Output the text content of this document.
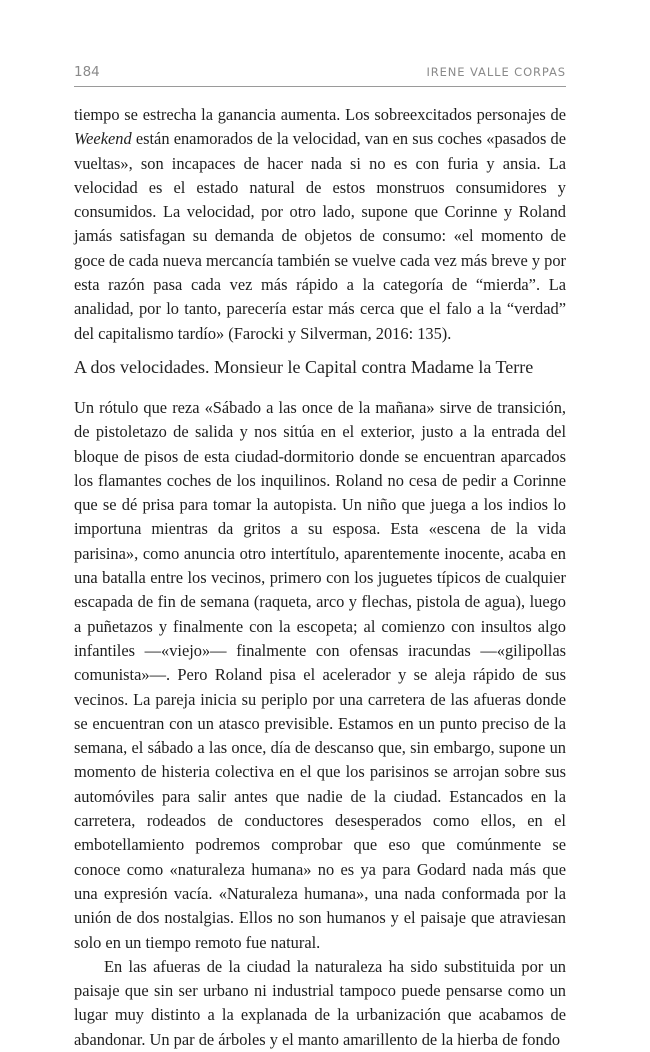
184	IRENE VALLE CORPAS

tiempo se estrecha la ganancia aumenta. Los sobreexcitados personajes de Weekend están enamorados de la velocidad, van en sus coches «pasados de vueltas», son incapaces de hacer nada si no es con furia y ansia. La velocidad es el estado natural de estos monstruos consumidores y consumidos. La velocidad, por otro lado, supone que Corinne y Roland jamás satisfagan su demanda de objetos de consumo: «el momento de goce de cada nueva mercancía también se vuelve cada vez más breve y por esta razón pasa cada vez más rápido a la categoría de “mierda”. La analidad, por lo tanto, parecería estar más cerca que el falo a la “verdad” del capitalismo tardío» (Farocki y Silverman, 2016: 135).

A dos velocidades. Monsieur le Capital contra Madame la Terre

Un rótulo que reza «Sábado a las once de la mañana» sirve de transición, de pistoletazo de salida y nos sitúa en el exterior, justo a la entrada del bloque de pisos de esta ciudad-dormitorio donde se encuentran aparcados los flamantes coches de los inquilinos. Roland no cesa de pedir a Corinne que se dé prisa para tomar la autopista. Un niño que juega a los indios lo importuna mientras da gritos a su esposa. Esta «escena de la vida parisina», como anuncia otro intertítulo, aparentemente inocente, acaba en una batalla entre los vecinos, primero con los juguetes típicos de cualquier escapada de fin de semana (raqueta, arco y flechas, pistola de agua), luego a puñetazos y finalmente con la escopeta; al comienzo con insultos algo infantiles —«viejo»— finalmente con ofensas iracundas —«gilipollas comunista»—. Pero Roland pisa el acelerador y se aleja rápido de sus vecinos. La pareja inicia su periplo por una carretera de las afueras donde se encuentran con un atasco previsible. Estamos en un punto preciso de la semana, el sábado a las once, día de descanso que, sin embargo, supone un momento de histeria colectiva en el que los parisinos se arrojan sobre sus automóviles para salir antes que nadie de la ciudad. Estancados en la carretera, rodeados de conductores desesperados como ellos, en el embotellamiento podremos comprobar que eso que comúnmente se conoce como «naturaleza humana» no es ya para Godard nada más que una expresión vacía. «Naturaleza humana», una nada conformada por la unión de dos nostalgias. Ellos no son humanos y el paisaje que atraviesan solo en un tiempo remoto fue natural.

En las afueras de la ciudad la naturaleza ha sido substituida por un paisaje que sin ser urbano ni industrial tampoco puede pensarse como un lugar muy distinto a la explanada de la urbanización que acabamos de abandonar. Un par de árboles y el manto amarillento de la hierba de fondo
